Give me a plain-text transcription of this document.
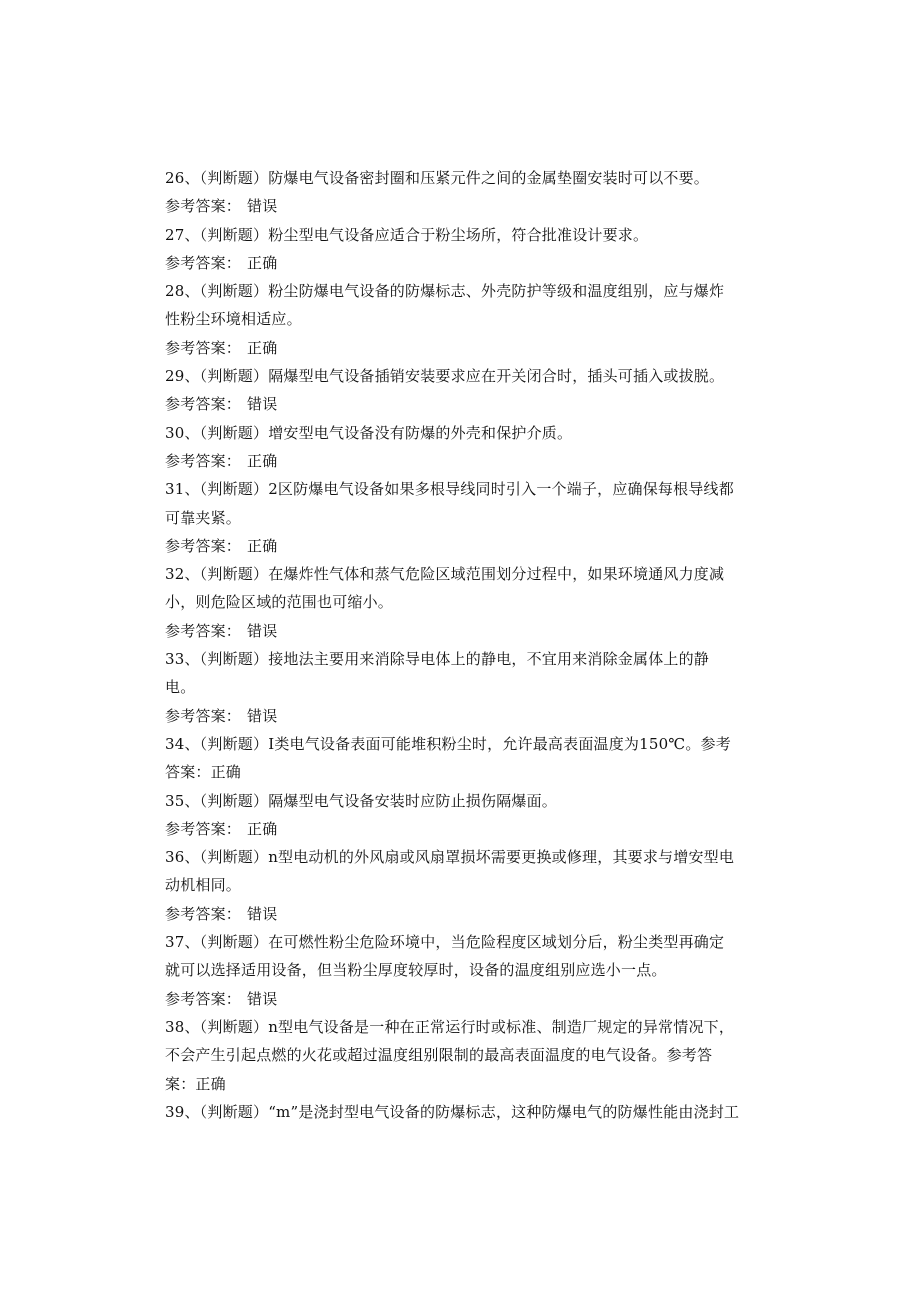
26、（判断题）防爆电气设备密封圈和压紧元件之间的金属垫圈安装时可以不要。
参考答案： 错误
27、（判断题）粉尘型电气设备应适合于粉尘场所，符合批准设计要求。
参考答案： 正确
28、（判断题）粉尘防爆电气设备的防爆标志、外壳防护等级和温度组别，应与爆炸
性粉尘环境相适应。
参考答案： 正确
29、（判断题）隔爆型电气设备插销安装要求应在开关闭合时，插头可插入或拔脱。
参考答案： 错误
30、（判断题）增安型电气设备没有防爆的外壳和保护介质。
参考答案： 正确
31、（判断题）2区防爆电气设备如果多根导线同时引入一个端子，应确保每根导线都
可靠夹紧。
参考答案： 正确
32、（判断题）在爆炸性气体和蒸气危险区域范围划分过程中，如果环境通风力度减
小，则危险区域的范围也可缩小。
参考答案： 错误
33、（判断题）接地法主要用来消除导电体上的静电，不宜用来消除金属体上的静
电。
参考答案： 错误
34、（判断题）I类电气设备表面可能堆积粉尘时，允许最高表面温度为150℃。参考
答案：正确
35、（判断题）隔爆型电气设备安装时应防止损伤隔爆面。
参考答案： 正确
36、（判断题）n型电动机的外风扇或风扇罩损坏需要更换或修理，其要求与增安型电
动机相同。
参考答案： 错误
37、（判断题）在可燃性粉尘危险环境中，当危险程度区域划分后，粉尘类型再确定
就可以选择适用设备，但当粉尘厚度较厚时，设备的温度组别应选小一点。
参考答案： 错误
38、（判断题）n型电气设备是一种在正常运行时或标准、制造厂规定的异常情况下，
不会产生引起点燃的火花或超过温度组别限制的最高表面温度的电气设备。参考答
案：正确
39、（判断题）“m”是浇封型电气设备的防爆标志，这种防爆电气的防爆性能由浇封工
